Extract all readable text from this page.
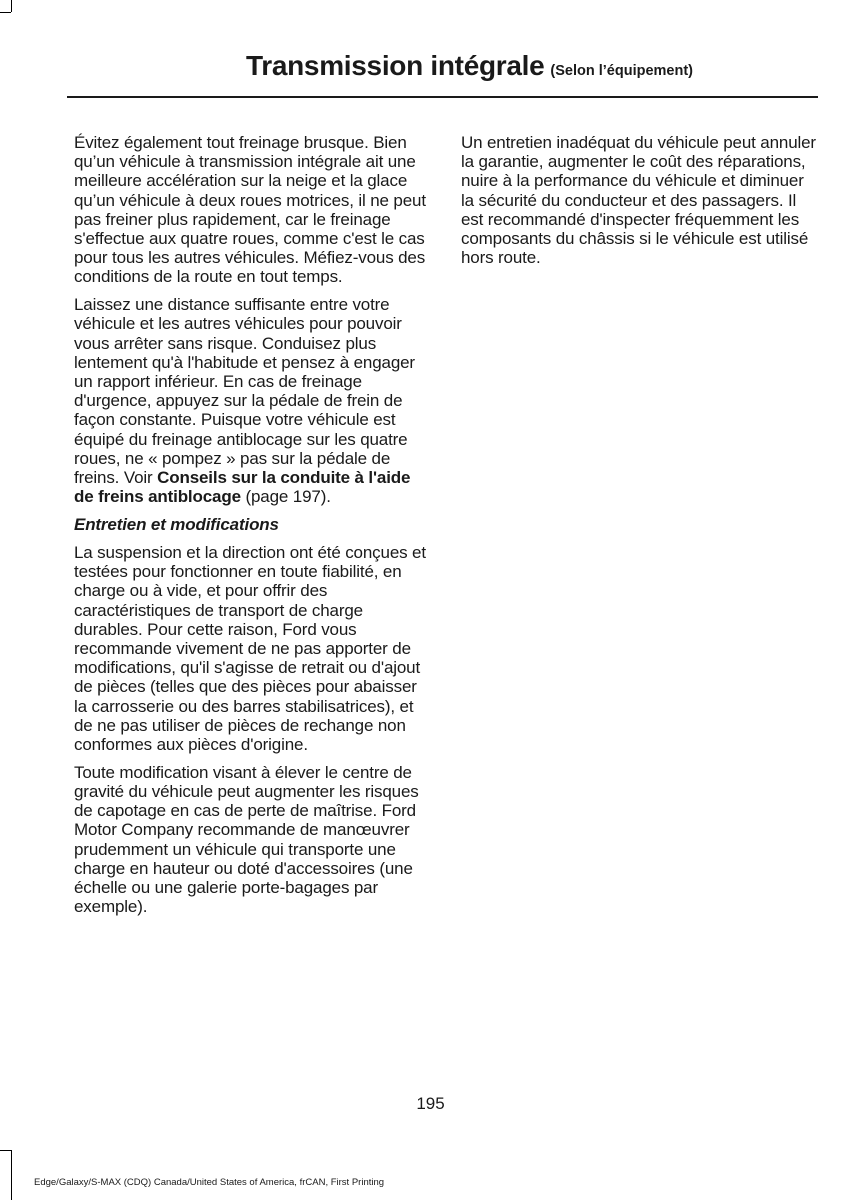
Transmission intégrale (Selon l’équipement)

Évitez également tout freinage brusque. Bien qu’un véhicule à transmission intégrale ait une meilleure accélération sur la neige et la glace qu’un véhicule à deux roues motrices, il ne peut pas freiner plus rapidement, car le freinage s'effectue aux quatre roues, comme c'est le cas pour tous les autres véhicules. Méfiez-vous des conditions de la route en tout temps.

Laissez une distance suffisante entre votre véhicule et les autres véhicules pour pouvoir vous arrêter sans risque. Conduisez plus lentement qu'à l'habitude et pensez à engager un rapport inférieur. En cas de freinage d'urgence, appuyez sur la pédale de frein de façon constante. Puisque votre véhicule est équipé du freinage antiblocage sur les quatre roues, ne « pompez » pas sur la pédale de freins. Voir Conseils sur la conduite à l'aide de freins antiblocage (page 197).

Entretien et modifications

La suspension et la direction ont été conçues et testées pour fonctionner en toute fiabilité, en charge ou à vide, et pour offrir des caractéristiques de transport de charge durables. Pour cette raison, Ford vous recommande vivement de ne pas apporter de modifications, qu'il s'agisse de retrait ou d'ajout de pièces (telles que des pièces pour abaisser la carrosserie ou des barres stabilisatrices), et de ne pas utiliser de pièces de rechange non conformes aux pièces d'origine.

Toute modification visant à élever le centre de gravité du véhicule peut augmenter les risques de capotage en cas de perte de maîtrise. Ford Motor Company recommande de manœuvrer prudemment un véhicule qui transporte une charge en hauteur ou doté d'accessoires (une échelle ou une galerie porte-bagages par exemple).

Un entretien inadéquat du véhicule peut annuler la garantie, augmenter le coût des réparations, nuire à la performance du véhicule et diminuer la sécurité du conducteur et des passagers. Il est recommandé d'inspecter fréquemment les composants du châssis si le véhicule est utilisé hors route.

195
Edge/Galaxy/S-MAX (CDQ) Canada/United States of America, frCAN, First Printing
